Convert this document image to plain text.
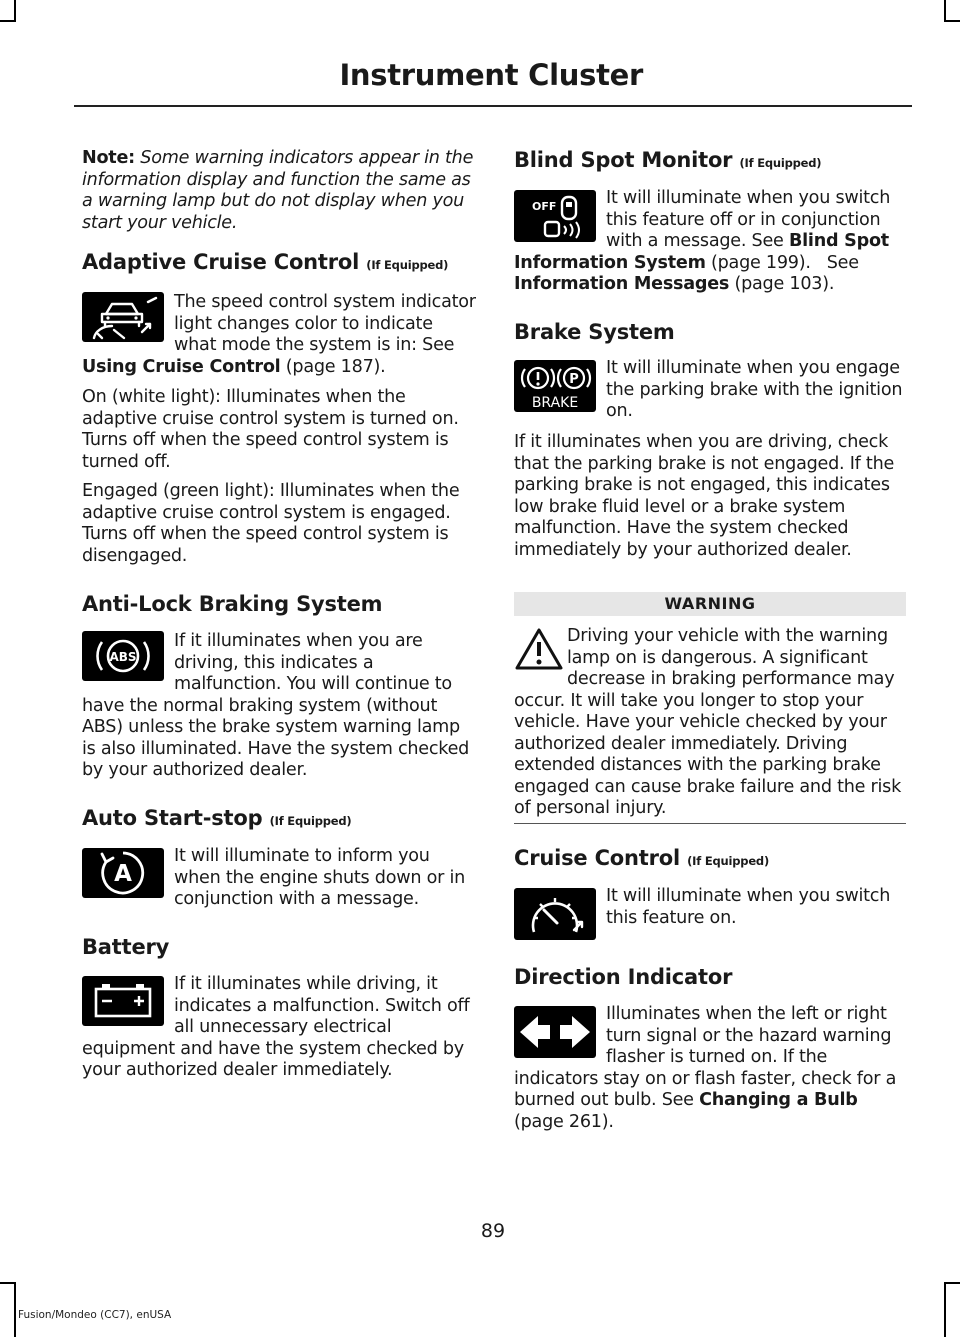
Instrument Cluster

Note: Some warning indicators appear in the information display and function the same as a warning lamp but do not display when you start your vehicle.

Adaptive Cruise Control (If Equipped)

The speed control system indicator light changes color to indicate what mode the system is in: See Using Cruise Control (page 187).

On (white light): Illuminates when the adaptive cruise control system is turned on. Turns off when the speed control system is turned off.

Engaged (green light): Illuminates when the adaptive cruise control system is engaged. Turns off when the speed control system is disengaged.

Anti-Lock Braking System
ABS

If it illuminates when you are driving, this indicates a malfunction. You will continue to have the normal braking system (without ABS) unless the brake system warning lamp is also illuminated. Have the system checked by your authorized dealer.

Auto Start-stop (If Equipped)
A

It will illuminate to inform you when the engine shuts down or in conjunction with a message.

Battery

If it illuminates while driving, it indicates a malfunction. Switch off all unnecessary electrical equipment and have the system checked by your authorized dealer immediately.

Blind Spot Monitor (If Equipped)
OFF	It will illuminate when you switch this feature off or in conjunction with a message. See Blind Spot Information System (page 199). See Information Messages (page 103).

Brake System
P
BRAKE

It will illuminate when you engage the parking brake with the ignition on.

If it illuminates when you are driving, check that the parking brake is not engaged. If the parking brake is not engaged, this indicates low brake fluid level or a brake system malfunction. Have the system checked immediately by your authorized dealer.

WARNING

Driving your vehicle with the warning lamp on is dangerous. A significant decrease in braking performance may occur. It will take you longer to stop your vehicle. Have your vehicle checked by your authorized dealer immediately. Driving extended distances with the parking brake engaged can cause brake failure and the risk of personal injury.

Cruise Control (If Equipped)

It will illuminate when you switch this feature on.

Direction Indicator

Illuminates when the left or right turn signal or the hazard warning flasher is turned on. If the indicators stay on or flash faster, check for a burned out bulb. See Changing a Bulb (page 261).

89
Fusion/Mondeo (CC7), enUSA
